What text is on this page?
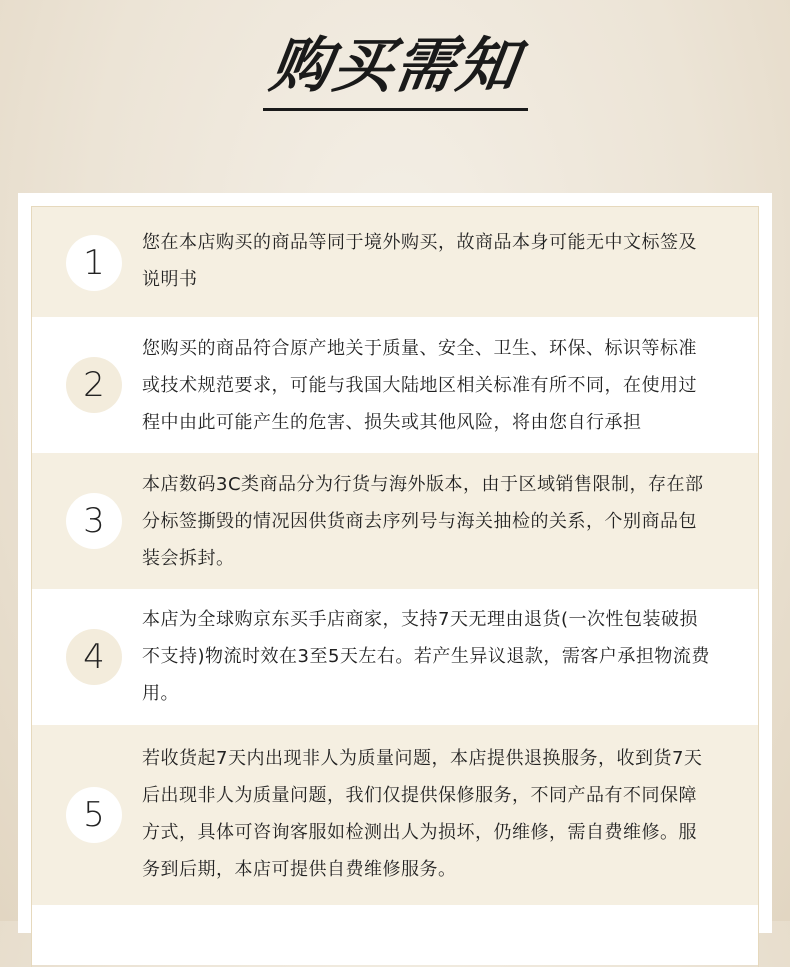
购买需知
1
您在本店购买的商品等同于境外购买，故商品本身可能无中文标签及说明书
2
您购买的商品符合原产地关于质量、安全、卫生、环保、标识等标准或技术规范要求，可能与我国大陆地区相关标准有所不同，在使用过程中由此可能产生的危害、损失或其他风险，将由您自行承担
3
本店数码3C类商品分为行货与海外版本，由于区域销售限制，存在部分标签撕毁的情况因供货商去序列号与海关抽检的关系，个别商品包装会拆封。
4
本店为全球购京东买手店商家，支持7天无理由退货(一次性包装破损不支持)物流时效在3至5天左右。若产生异议退款，需客户承担物流费用。
5
若收货起7天内出现非人为质量问题，本店提供退换服务，收到货7天后出现非人为质量问题，我们仅提供保修服务，不同产品有不同保障方式，具体可咨询客服如检测出人为损坏，仍维修，需自费维修。服务到后期，本店可提供自费维修服务。
